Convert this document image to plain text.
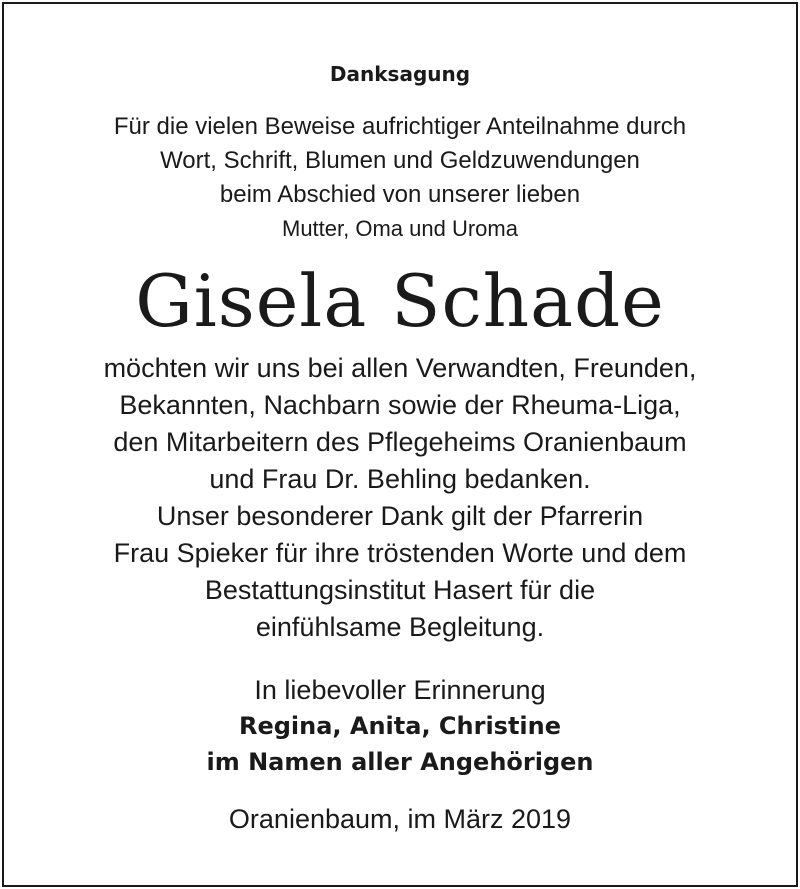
Danksagung
Für die vielen Beweise aufrichtiger Anteilnahme durch
Wort, Schrift, Blumen und Geldzuwendungen
beim Abschied von unserer lieben
Mutter, Oma und Uroma
Gisela Schade
möchten wir uns bei allen Verwandten, Freunden,
Bekannten, Nachbarn sowie der Rheuma-Liga,
den Mitarbeitern des Pflegeheims Oranienbaum
und Frau Dr. Behling bedanken.
Unser besonderer Dank gilt der Pfarrerin
Frau Spieker für ihre tröstenden Worte und dem
Bestattungsinstitut Hasert für die
einfühlsame Begleitung.
In liebevoller Erinnerung
Regina, Anita, Christine
im Namen aller Angehörigen
Oranienbaum, im März 2019
